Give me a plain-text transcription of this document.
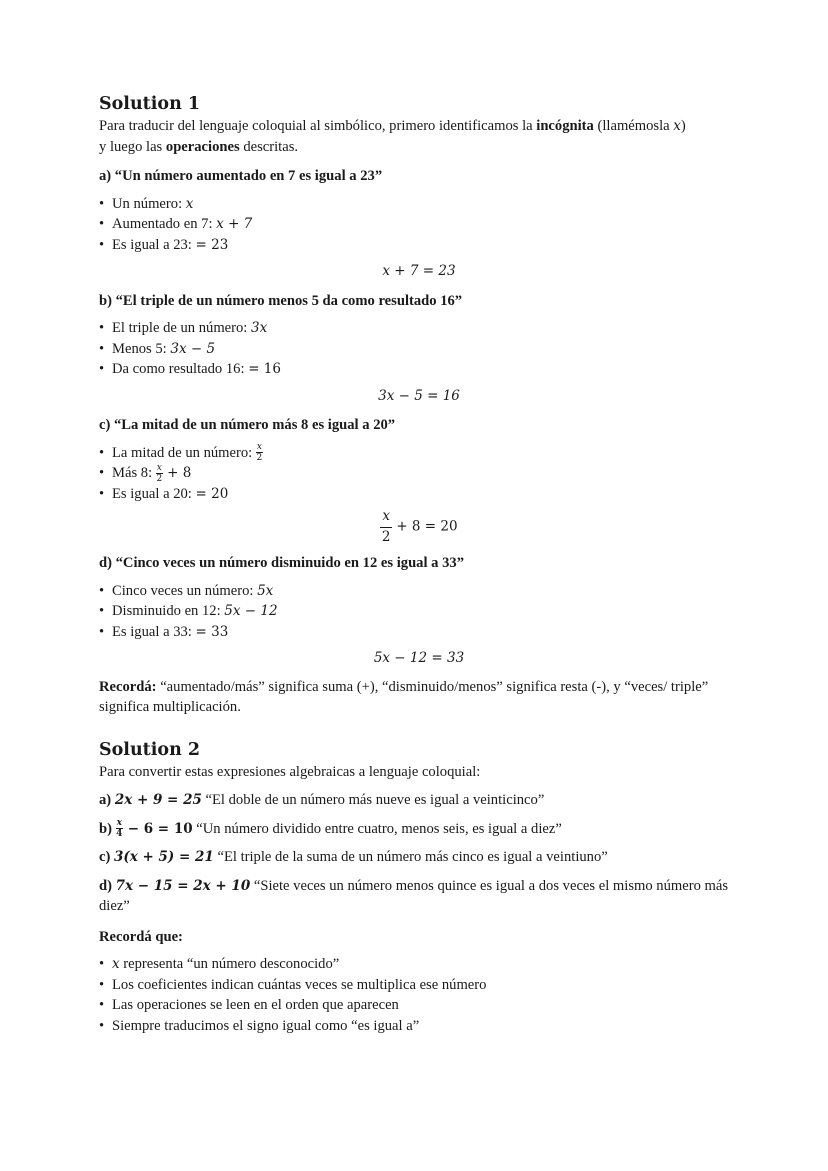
Solution 1

Para traducir del lenguaje coloquial al simbólico, primero identificamos la incógnita (llamémosla x)
y luego las operaciones descritas.

a) “Un número aumentado en 7 es igual a 23”

• Un número: x
• Aumentado en 7: x + 7
• Es igual a 23: = 23

x + 7 = 23

b) “El triple de un número menos 5 da como resultado 16”

• El triple de un número: 3x
• Menos 5: 3x − 5
• Da como resultado 16: = 16

3x − 5 = 16

c) “La mitad de un número más 8 es igual a 20”

• La mitad de un número: $\frac{x}{2}$
• Más 8: $\frac{x}{2} + 8$
• Es igual a 20: = 20

$\frac{x}{2} + 8 = 20$

d) “Cinco veces un número disminuido en 12 es igual a 33”

• Cinco veces un número: 5x
• Disminuido en 12: 5x − 12
• Es igual a 33: = 33

5x − 12 = 33

Recordá: “aumentado/más” significa suma (+), “disminuido/menos” significa resta (-), y “veces/ triple” significa multiplicación.

Solution 2

Para convertir estas expresiones algebraicas a lenguaje coloquial:

a) 2x + 9 = 25 “El doble de un número más nueve es igual a veinticinco”

$b) \frac{x}{4} - 6 = 10$ “Un número dividido entre cuatro, menos seis, es igual a diez”

c) 3(x + 5) = 21 “El triple de la suma de un número más cinco es igual a veintiuno”

d) 7x − 15 = 2x + 10 “Siete veces un número menos quince es igual a dos veces el mismo número más diez”

Recordá que:

• x representa “un número desconocido”
• Los coeficientes indican cuántas veces se multiplica ese número
• Las operaciones se leen en el orden que aparecen
• Siempre traducimos el signo igual como “es igual a”
